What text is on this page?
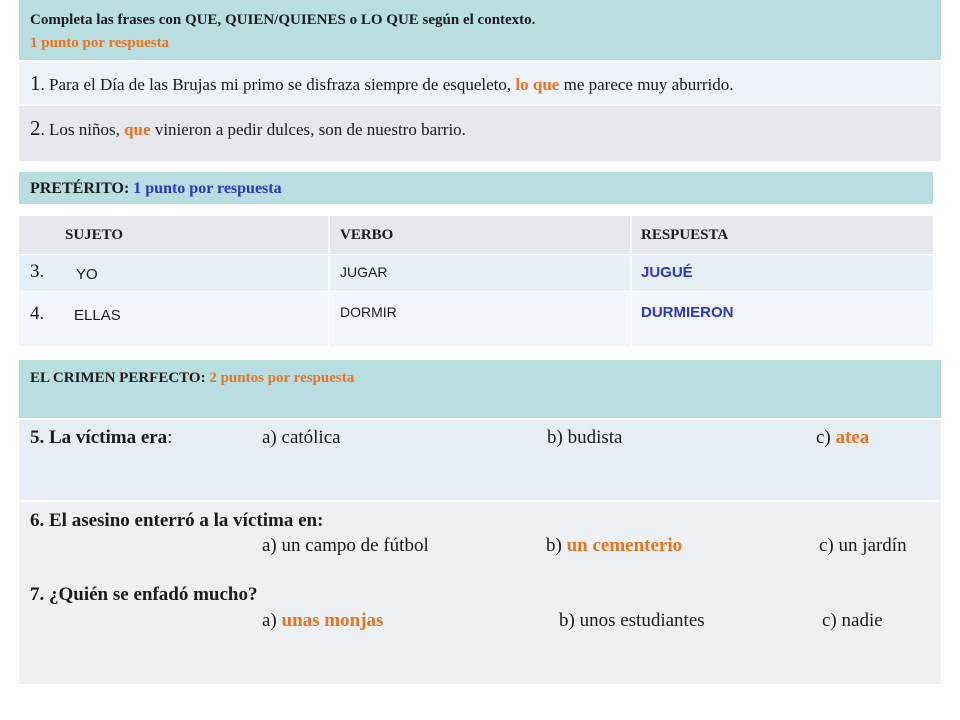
Completa las frases con QUE, QUIEN/QUIENES o LO QUE según el contexto.
1 punto por respuesta
1. Para el Día de las Brujas mi primo se disfraza siempre de esqueleto, lo que me parece muy aburrido.
2. Los niños, que vinieron a pedir dulces, son de nuestro barrio.
PRETÉRITO: 1 punto por respuesta
SUJETO	VERBO	RESPUESTA
3. YO	JUGAR	JUGUÉ
4. ELLAS	DORMIR	DURMIERON
EL CRIMEN PERFECTO: 2 puntos por respuesta
5. La víctima era:	a) católica	b) budista	c) atea
6. El asesino enterró a la víctima en:
a) un campo de fútbol	b) un cementerio	c) un jardín
7. ¿Quién se enfadó mucho?
a) unas monjas	b) unos estudiantes	c) nadie
